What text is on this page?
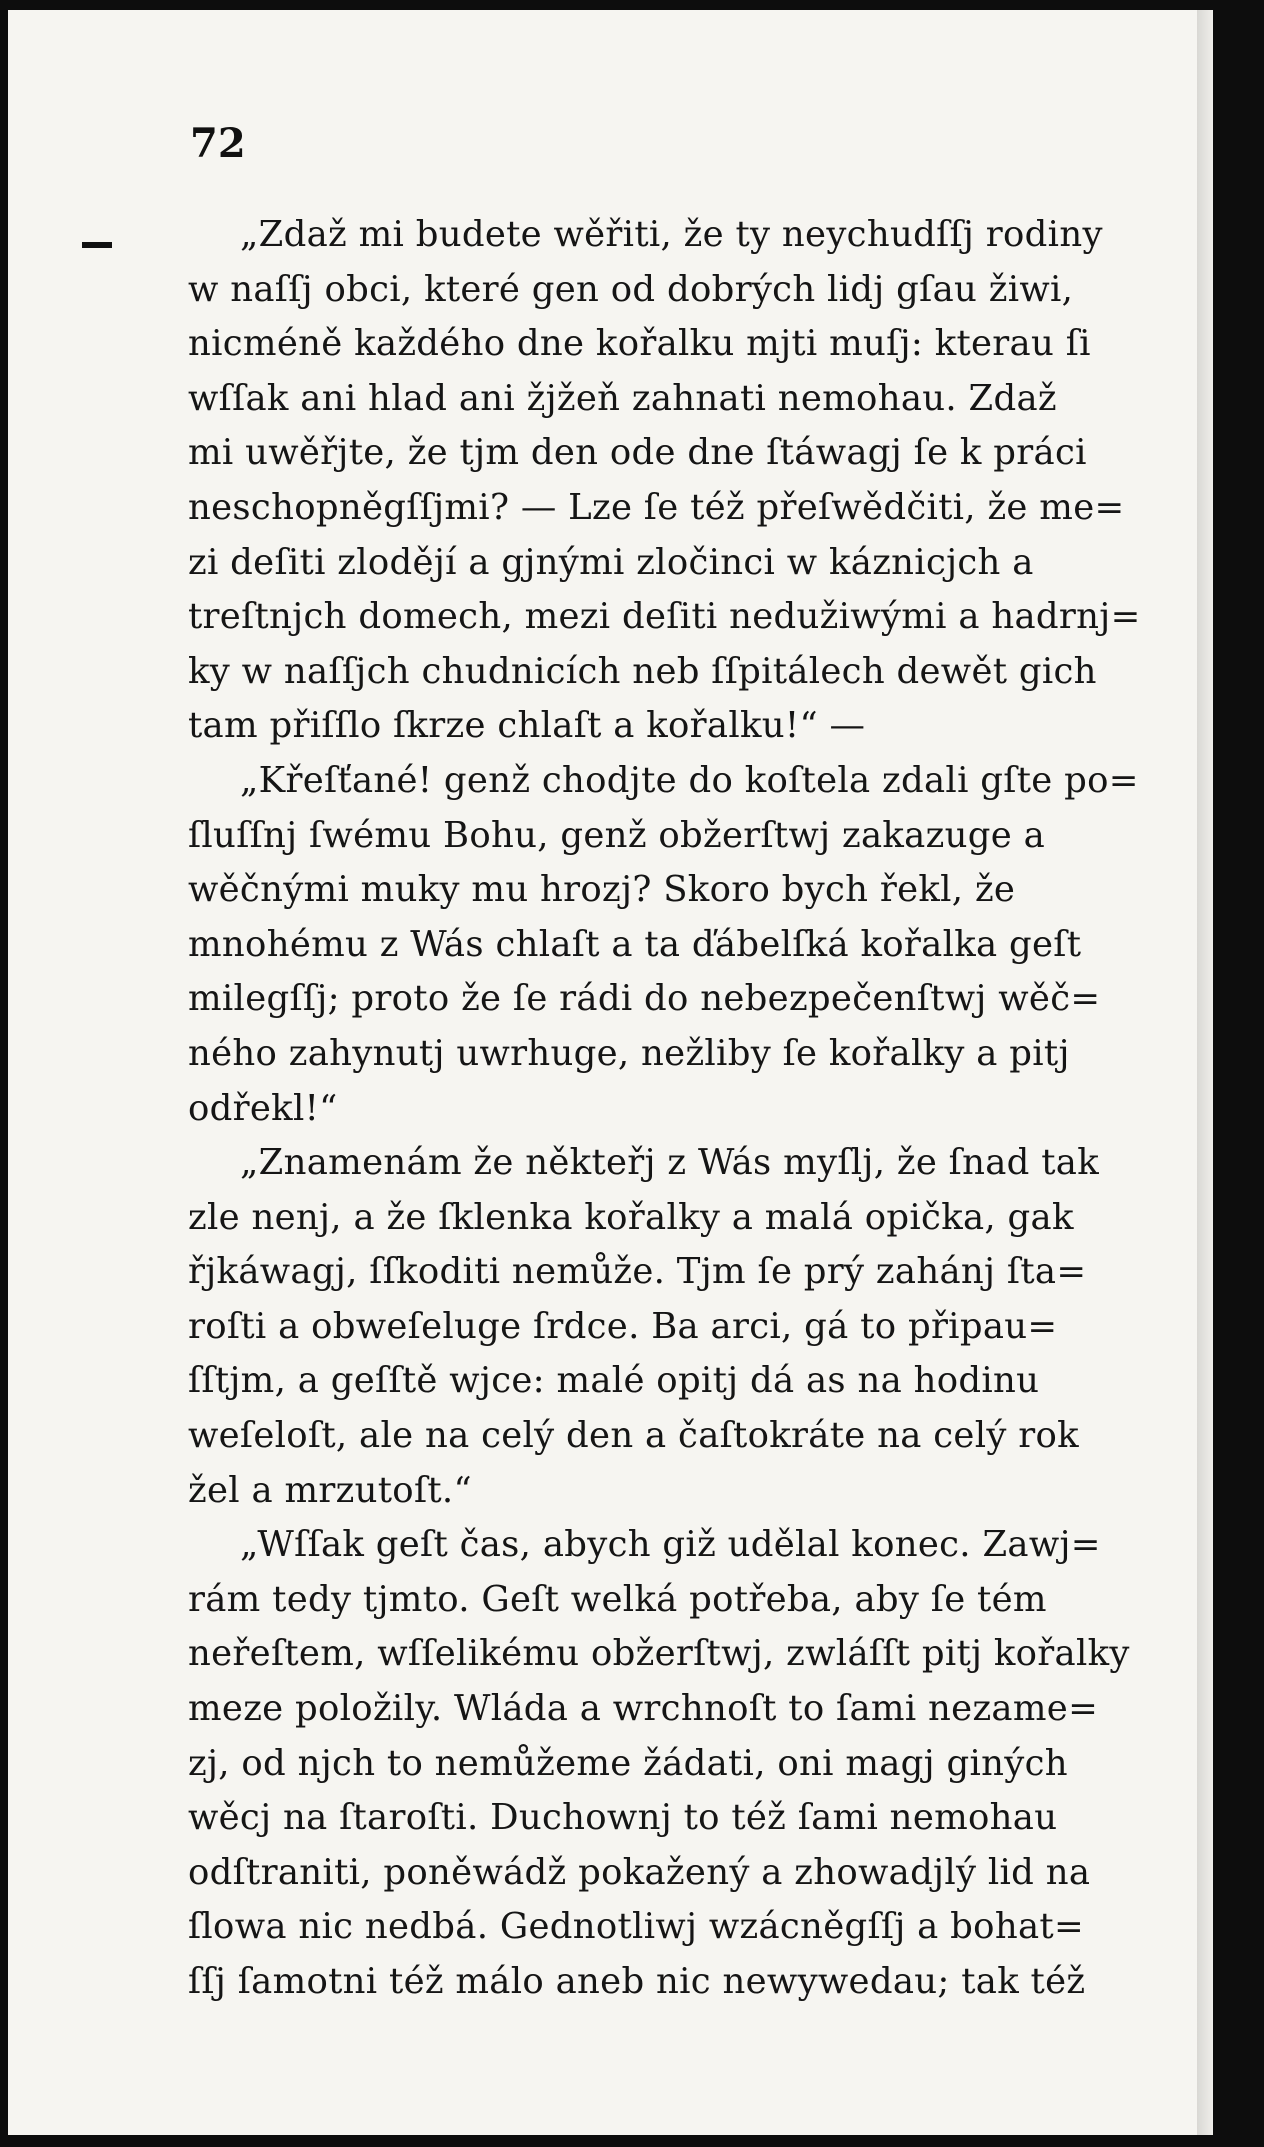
72
„Zdaž mi budete wěřiti, že ty neychudſſj rodiny
w naſſj obci, které gen od dobrých lidj gſau žiwi,
nicméně každého dne kořalku mjti muſj: kterau ſi
wſſak ani hlad ani žjžeň zahnati nemohau. Zdaž
mi uwěřjte, že tjm den ode dne ſtáwagj ſe k práci
neschopněgſſjmi? — Lze ſe též přeſwědčiti, že me=
zi deſiti zlodějí a gjnými zločinci w káznicjch a
treſtnjch domech, mezi deſiti nedužiwými a hadrnj=
ky w naſſjch chudnicích neb ſſpitálech dewět gich
tam přiſſlo ſkrze chlaſt a kořalku!“ —
„Křeſťané! genž chodjte do koſtela zdali gſte po=
ſluſſnj ſwému Bohu, genž obžerſtwj zakazuge a
wěčnými muky mu hrozj? Skoro bych řekl, že
mnohému z Wás chlaſt a ta ďábelſká kořalka geſt
milegſſj; proto že ſe rádi do nebezpečenſtwj wěč=
ného zahynutj uwrhuge, nežliby ſe kořalky a pitj
odřekl!“
„Znamenám že někteřj z Wás myſlj, že ſnad tak
zle nenj, a že ſklenka kořalky a malá opička, gak
řjkáwagj, ſſkoditi nemůže. Tjm ſe prý zahánj ſta=
roſti a obweſeluge ſrdce. Ba arci, gá to připau=
ſſtjm, a geſſtě wjce: malé opitj dá as na hodinu
weſeloſt, ale na celý den a čaſtokráte na celý rok
žel a mrzutoſt.“
„Wſſak geſt čas, abych giž udělal konec. Zawj=
rám tedy tjmto. Geſt welká potřeba, aby ſe tém
neřeſtem, wſſelikému obžerſtwj, zwláſſt pitj kořalky
meze položily. Wláda a wrchnoſt to ſami nezame=
zj, od njch to nemůžeme žádati, oni magj giných
wěcj na ſtaroſti. Duchownj to též ſami nemohau
odſtraniti, poněwádž pokažený a zhowadjlý lid na
ſlowa nic nedbá. Gednotliwj wzácněgſſj a bohat=
ſſj ſamotni též málo aneb nic newywedau; tak též
